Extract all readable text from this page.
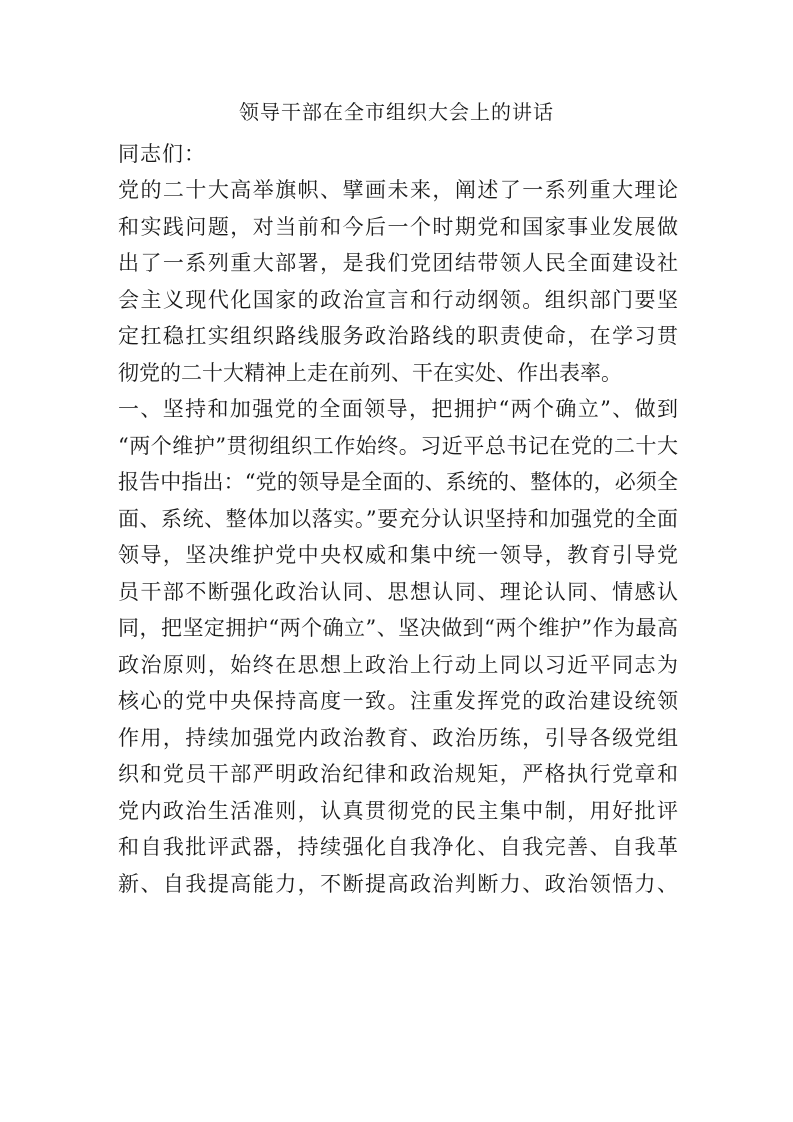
领导干部在全市组织大会上的讲话

同志们：

党的二十大高举旗帜、擘画未来，阐述了一系列重大理论
和实践问题，对当前和今后一个时期党和国家事业发展做
出了一系列重大部署，是我们党团结带领人民全面建设社
会主义现代化国家的政治宣言和行动纲领。组织部门要坚
定扛稳扛实组织路线服务政治路线的职责使命，在学习贯
彻党的二十大精神上走在前列、干在实处、作出表率。
一、坚持和加强党的全面领导，把拥护“两个确立”、做到
“两个维护”贯彻组织工作始终。习近平总书记在党的二十大
报告中指出：“党的领导是全面的、系统的、整体的，必须全
面、系统、整体加以落实。”要充分认识坚持和加强党的全面
领导，坚决维护党中央权威和集中统一领导，教育引导党
员干部不断强化政治认同、思想认同、理论认同、情感认
同，把坚定拥护“两个确立”、坚决做到“两个维护”作为最高
政治原则，始终在思想上政治上行动上同以习近平同志为
核心的党中央保持高度一致。注重发挥党的政治建设统领
作用，持续加强党内政治教育、政治历练，引导各级党组
织和党员干部严明政治纪律和政治规矩，严格执行党章和
党内政治生活准则，认真贯彻党的民主集中制，用好批评
和自我批评武器，持续强化自我净化、自我完善、自我革
新、自我提高能力，不断提高政治判断力、政治领悟力、
